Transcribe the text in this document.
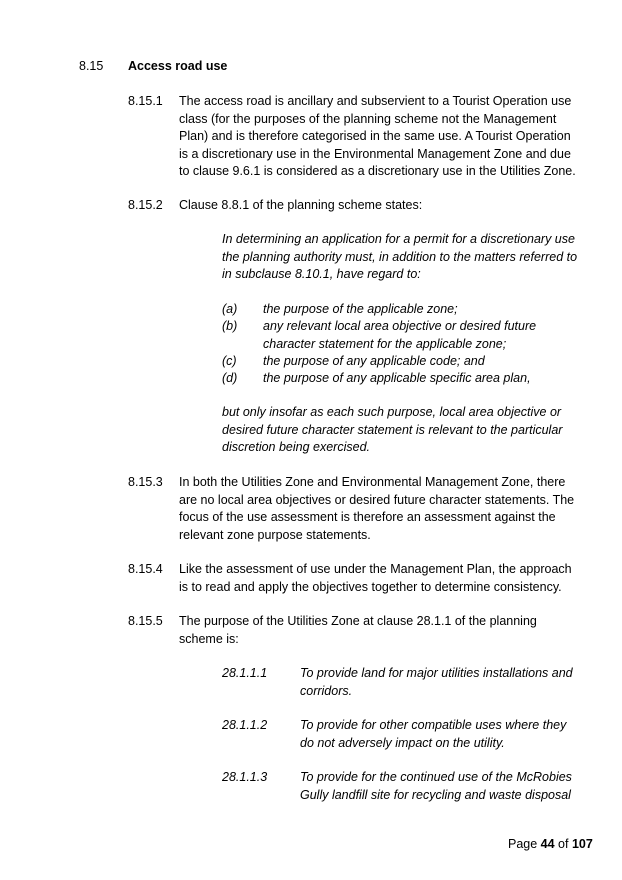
8.15 Access road use
8.15.1 The access road is ancillary and subservient to a Tourist Operation use
class (for the purposes of the planning scheme not the Management
Plan) and is therefore categorised in the same use. A Tourist Operation
is a discretionary use in the Environmental Management Zone and due
to clause 9.6.1 is considered as a discretionary use in the Utilities Zone.
8.15.2 Clause 8.8.1 of the planning scheme states:
In determining an application for a permit for a discretionary use
the planning authority must, in addition to the matters referred to
in subclause 8.10.1, have regard to:
(a) the purpose of the applicable zone;
(b) any relevant local area objective or desired future
character statement for the applicable zone;
(c) the purpose of any applicable code; and
(d) the purpose of any applicable specific area plan,
but only insofar as each such purpose, local area objective or
desired future character statement is relevant to the particular
discretion being exercised.
8.15.3 In both the Utilities Zone and Environmental Management Zone, there
are no local area objectives or desired future character statements. The
focus of the use assessment is therefore an assessment against the
relevant zone purpose statements.
8.15.4 Like the assessment of use under the Management Plan, the approach
is to read and apply the objectives together to determine consistency.
8.15.5 The purpose of the Utilities Zone at clause 28.1.1 of the planning
scheme is:
28.1.1.1	To provide land for major utilities installations and
corridors.
28.1.1.2	To provide for other compatible uses where they
do not adversely impact on the utility.
28.1.1.3	To provide for the continued use of the McRobies
Gully landfill site for recycling and waste disposal
Page 44 of 107
